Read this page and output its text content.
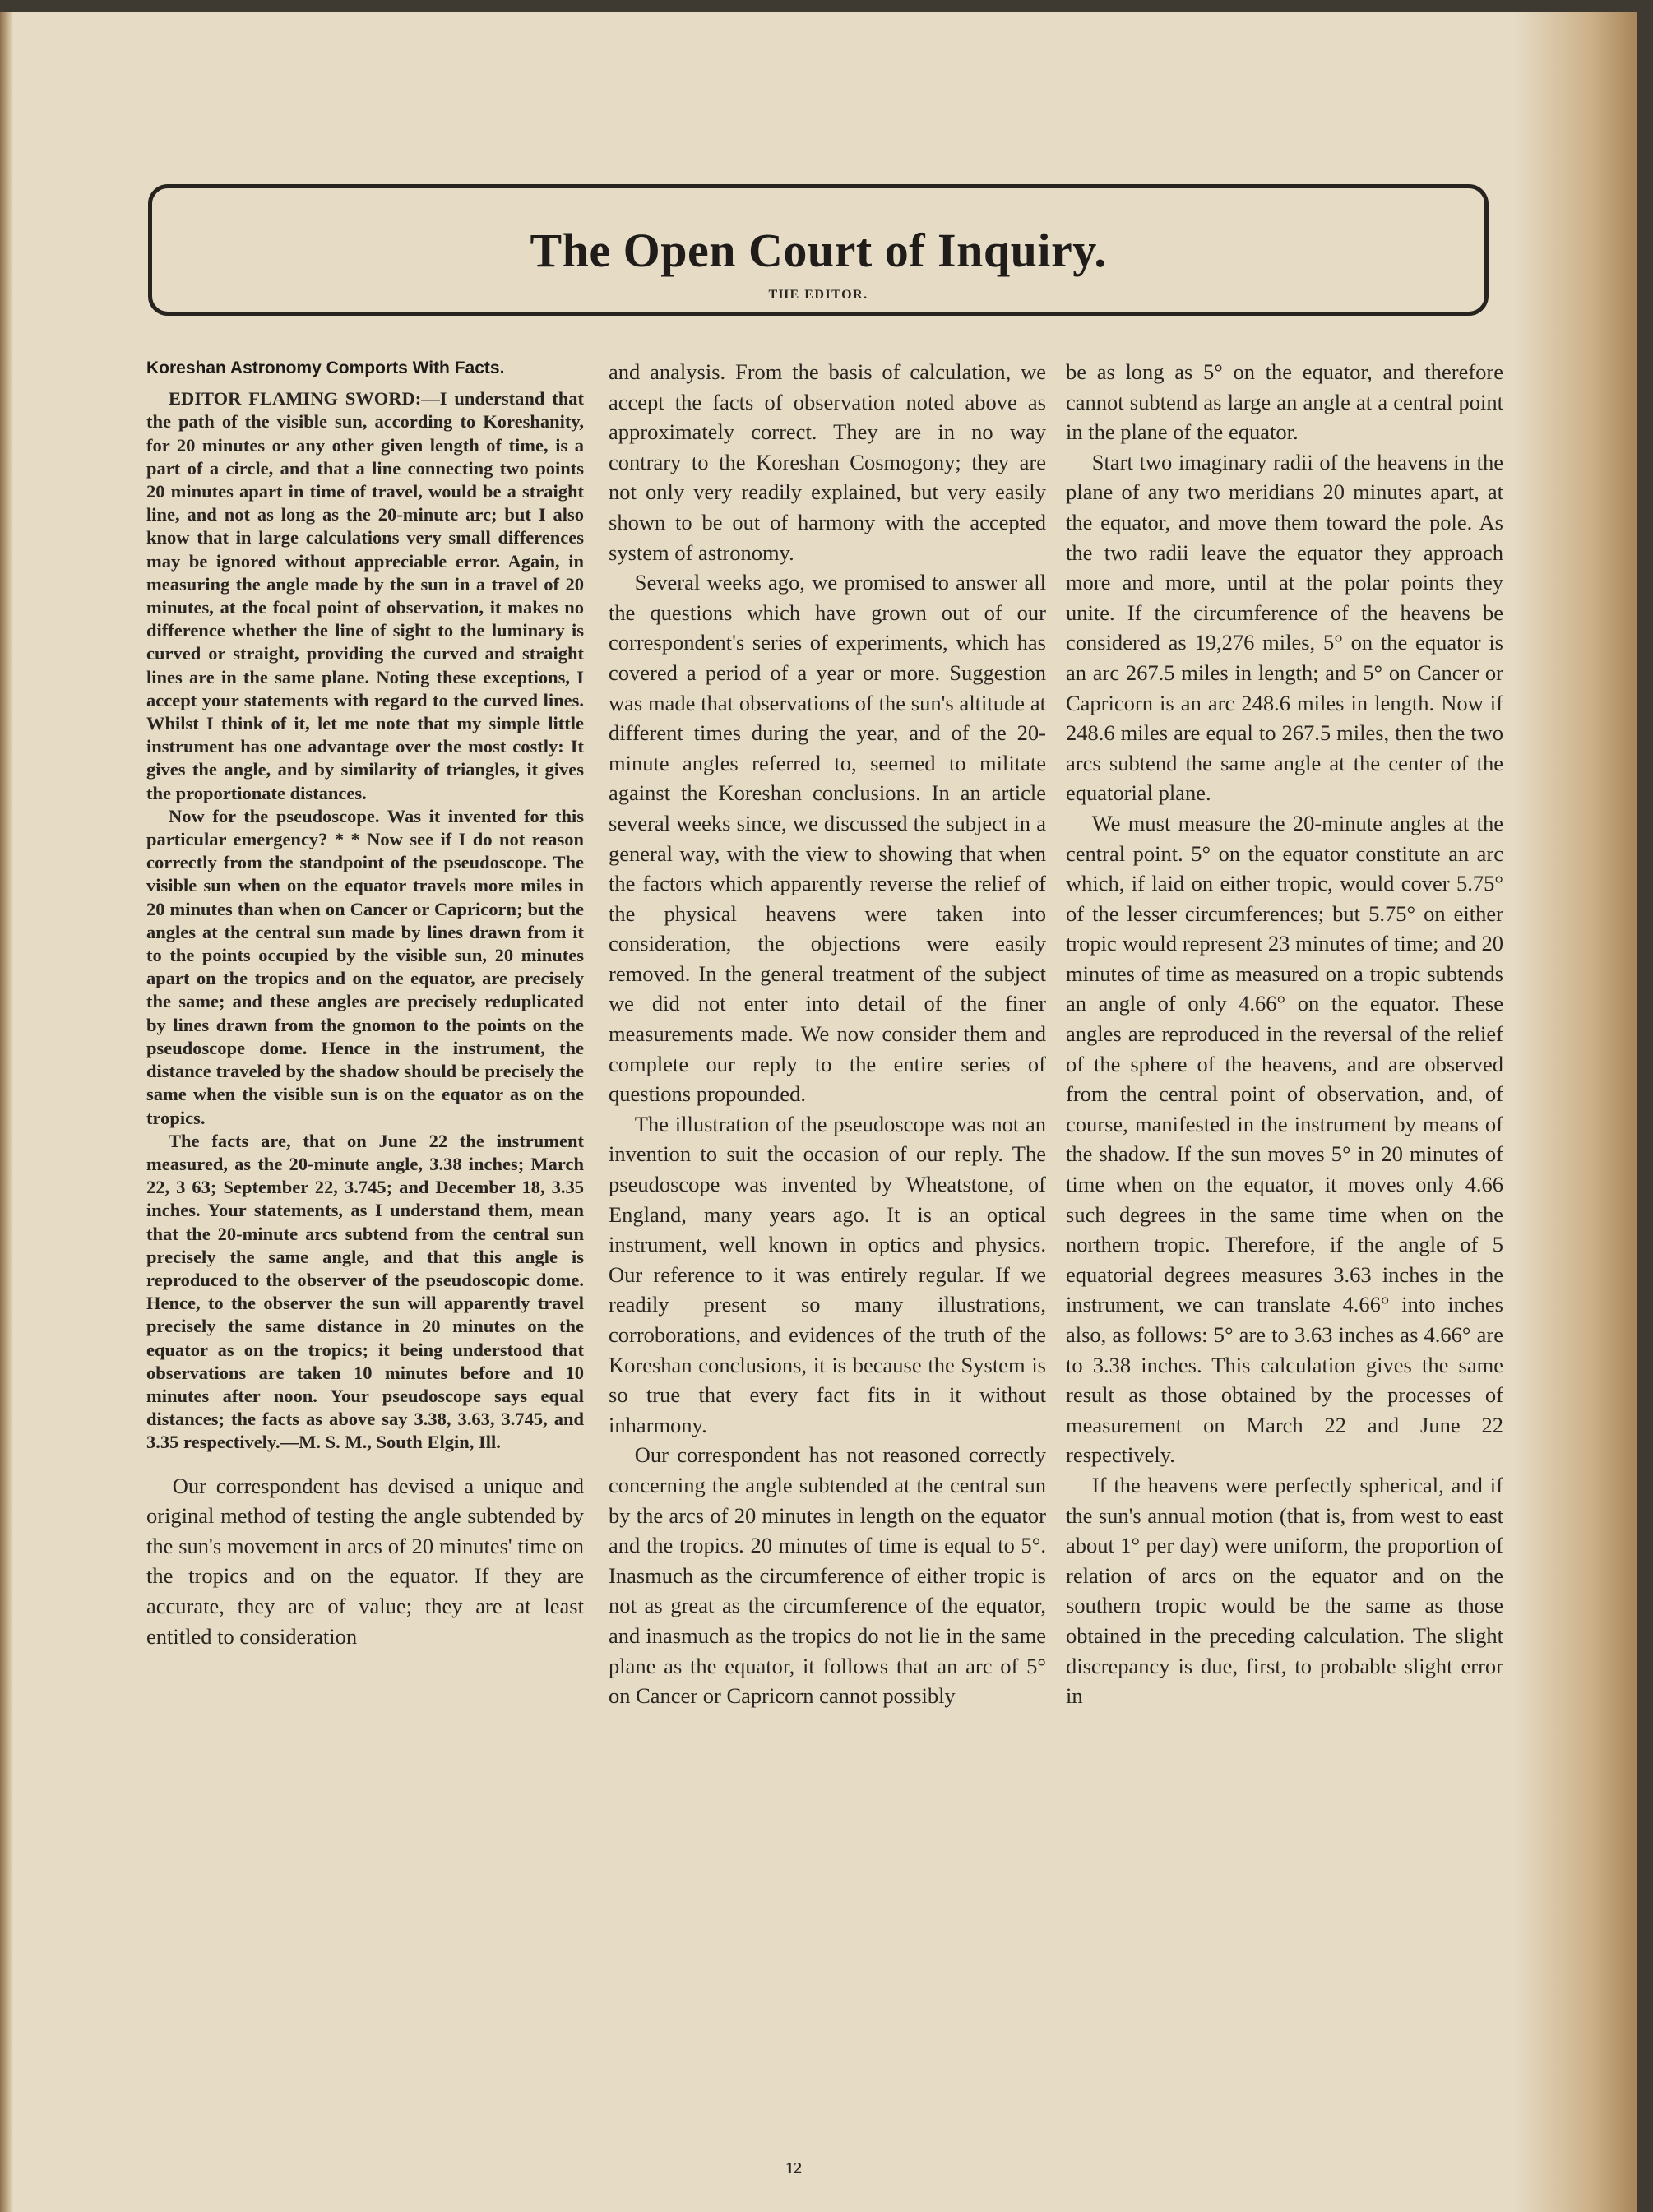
The Open Court of Inquiry.
THE EDITOR.

Koreshan Astronomy Comports With Facts.

EDITOR FLAMING SWORD:—I understand that the path of the visible sun, according to Koreshanity, for 20 minutes or any other given length of time, is a part of a circle, and that a line connecting two points 20 minutes apart in time of travel, would be a straight line, and not as long as the 20-minute arc; but I also know that in large calculations very small differences may be ignored without appreciable error. Again, in measuring the angle made by the sun in a travel of 20 minutes, at the focal point of observation, it makes no difference whether the line of sight to the luminary is curved or straight, providing the curved and straight lines are in the same plane. Noting these exceptions, I accept your statements with regard to the curved lines. Whilst I think of it, let me note that my simple little instrument has one advantage over the most costly: It gives the angle, and by similarity of triangles, it gives the proportionate distances.

Now for the pseudoscope. Was it invented for this particular emergency? * * Now see if I do not reason correctly from the standpoint of the pseudoscope. The visible sun when on the equator travels more miles in 20 minutes than when on Cancer or Capricorn; but the angles at the central sun made by lines drawn from it to the points occupied by the visible sun, 20 minutes apart on the tropics and on the equator, are precisely the same; and these angles are precisely reduplicated by lines drawn from the gnomon to the points on the pseudoscope dome. Hence in the instrument, the distance traveled by the shadow should be precisely the same when the visible sun is on the equator as on the tropics.

The facts are, that on June 22 the instrument measured, as the 20-minute angle, 3.38 inches; March 22, 3 63; September 22, 3.745; and December 18, 3.35 inches. Your statements, as I understand them, mean that the 20-minute arcs subtend from the central sun precisely the same angle, and that this angle is reproduced to the observer of the pseudoscopic dome. Hence, to the observer the sun will apparently travel precisely the same distance in 20 minutes on the equator as on the tropics; it being understood that observations are taken 10 minutes before and 10 minutes after noon. Your pseudoscope says equal distances; the facts as above say 3.38, 3.63, 3.745, and 3.35 respectively.—M. S. M., South Elgin, Ill.

Our correspondent has devised a unique and original method of testing the angle subtended by the sun's movement in arcs of 20 minutes' time on the tropics and on the equator. If they are accurate, they are of value; they are at least entitled to consideration

and analysis. From the basis of calculation, we accept the facts of observation noted above as approximately correct. They are in no way contrary to the Koreshan Cosmogony; they are not only very readily explained, but very easily shown to be out of harmony with the accepted system of astronomy.

Several weeks ago, we promised to answer all the questions which have grown out of our correspondent's series of experiments, which has covered a period of a year or more. Suggestion was made that observations of the sun's altitude at different times during the year, and of the 20-minute angles referred to, seemed to militate against the Koreshan conclusions. In an article several weeks since, we discussed the subject in a general way, with the view to showing that when the factors which apparently reverse the relief of the physical heavens were taken into consideration, the objections were easily removed. In the general treatment of the subject we did not enter into detail of the finer measurements made. We now consider them and complete our reply to the entire series of questions propounded.

The illustration of the pseudoscope was not an invention to suit the occasion of our reply. The pseudoscope was invented by Wheatstone, of England, many years ago. It is an optical instrument, well known in optics and physics. Our reference to it was entirely regular. If we readily present so many illustrations, corroborations, and evidences of the truth of the Koreshan conclusions, it is because the System is so true that every fact fits in it without inharmony.

Our correspondent has not reasoned correctly concerning the angle subtended at the central sun by the arcs of 20 minutes in length on the equator and the tropics. 20 minutes of time is equal to 5°. Inasmuch as the circumference of either tropic is not as great as the circumference of the equator, and inasmuch as the tropics do not lie in the same plane as the equator, it follows that an arc of 5° on Cancer or Capricorn cannot possibly

be as long as 5° on the equator, and therefore cannot subtend as large an angle at a central point in the plane of the equator.

Start two imaginary radii of the heavens in the plane of any two meridians 20 minutes apart, at the equator, and move them toward the pole. As the two radii leave the equator they approach more and more, until at the polar points they unite. If the circumference of the heavens be considered as 19,276 miles, 5° on the equator is an arc 267.5 miles in length; and 5° on Cancer or Capricorn is an arc 248.6 miles in length. Now if 248.6 miles are equal to 267.5 miles, then the two arcs subtend the same angle at the center of the equatorial plane.

We must measure the 20-minute angles at the central point. 5° on the equator constitute an arc which, if laid on either tropic, would cover 5.75° of the lesser circumferences; but 5.75° on either tropic would represent 23 minutes of time; and 20 minutes of time as measured on a tropic subtends an angle of only 4.66° on the equator. These angles are reproduced in the reversal of the relief of the sphere of the heavens, and are observed from the central point of observation, and, of course, manifested in the instrument by means of the shadow. If the sun moves 5° in 20 minutes of time when on the equator, it moves only 4.66 such degrees in the same time when on the northern tropic. Therefore, if the angle of 5 equatorial degrees measures 3.63 inches in the instrument, we can translate 4.66° into inches also, as follows: 5° are to 3.63 inches as 4.66° are to 3.38 inches. This calculation gives the same result as those obtained by the processes of measurement on March 22 and June 22 respectively.

If the heavens were perfectly spherical, and if the sun's annual motion (that is, from west to east about 1° per day) were uniform, the proportion of relation of arcs on the equator and on the southern tropic would be the same as those obtained in the preceding calculation. The slight discrepancy is due, first, to probable slight error in

12
